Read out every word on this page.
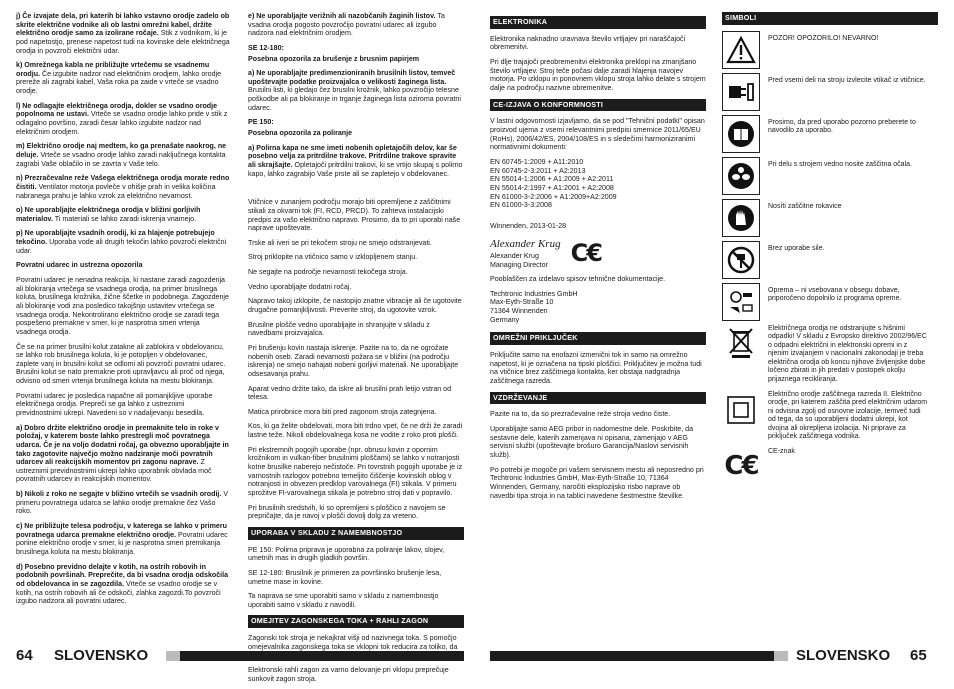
j) Če izvajate dela, pri katerih bi lahko vstavno orodje zadelo ob skrite električne vodnike ali ob lastni omrežni kabel, držite električno orodje samo za izolirane ročaje. Stik z vodnikom, ki je pod napetostjo, prenese napetost tudi na kovinske dele električnega orodja in povzroči električni udar.

k) Omrežnega kabla ne približujte vrtečemu se vsadnemu orodju. Če izgubite nadzor nad električnim orodjem, lahko orodje prereže ali zagrabi kabel, Vaša roka pa zaide v vrteče se vsadno orodje.

l) Ne odlagajte električnega orodja, dokler se vsadno orodje popolnoma ne ustavi. Vrteče se vsadno orodje lahko pride v stik z odlagalno površino, zaradi česar lahko izgubite nadzor nad električnim orodjem.

m) Električno orodje naj medtem, ko ga prenašate naokrog, ne deluje. Vrteče se vsadno orodje lahko zaradi naključnega kontakta zagrabi Vaše oblačilo in se zavrta v Vaše telo.

n) Prezračevalne reže Vašega električnega orodja morate redno čistiti. Ventilator motorja povleče v ohišje prah in velika količina nabranega prahu je lahko vzrok za električno nevarnost.

o) Ne uporabljajte električnega orodja v bližini gorljivih materialov. Ti materiali se lahko zaradi iskrenja vnamejo.

p) Ne uporabljajte vsadnih orodij, ki za hlajenje potrebujejo tekočino. Uporaba vode ali drugih tekočin lahko povzroči električni udar.

Povratni udarec in ustrezna opozorila

Povratni udarec je nenadna reakcija, ki nastane zaradi zagozdenja ali blokiranja vrtečega se vsadnega orodja, na primer brusilnega koluta, brusilnega krožnika, žične ščetke in podobnega. Zagozdenje ali blokiranje vodi zna posledico takojšnjo ustavitev vrtečega se vsadnega orodja. Nekontrolirano električno orodje se zaradi tega pospešeno premakne v smer, ki je nasprotna smeri vrtenja vsadnega orodja.

Če se na primer brusilni kolut zatakne ali zablokira v obdelovancu, se lahko rob brusilnega koluta, ki je potopljen v obdelovanec, zaplete vanj in brusilni kolut se odlomi ali povzroči povratni udarec. Brusilni kolut se nato premakne proti upravljavcu ali proč od njega, odvisno od smeri vrtenja brusilnega koluta na mestu blokiranja.

Povratni udarec je posledica napačne ali pomanjkljive uporabe električnega orodja. Prepreči se ga lahko z ustreznimi previdnostnimi ukrepi. Navedeni so v nadaljevanju besedila.

a) Dobro držite električno orodje in premaknite telo in roke v položaj, v katerem boste lahko prestregli moč povratnega udarca. Če je na voljo dodatni ročaj, ga obvezno uporabljajte in tako zagotovite največjo možno nadziranje moči povratnih udarcev ali reakcijskih momentov pri zagonu naprave. Z ustreznimi previdnostnimi ukrepi lahko uporabnik obvlada moč povratnih udarcev in reakcijskih momentov.

b) Nikoli z roko ne segajte v bližino vrtečih se vsadnih orodij. V primeru povratnega udarca se lahko orodje premakne čez Vašo roko.

c) Ne približujte telesa področju, v katerega se lahko v primeru povratnega udarca premakne električno orodje. Povratni udarec poriine električno orodje v smer, ki je nasprotna smeri premikanja brusilnega koluta na mestu blokiranja.

d) Posebno previdno delajte v kotih, na ostrih robovih in podobnih površinah. Preprečite, da bi vsadna orodja odskočila od obdelovanca in se zagozdila. Vrteče se vsadno orodje se v kotih, na ostrih robovih ali če odskoči, zlahka zagozdi.To povzroči izgubo nadzora ali povratni udarec.

e) Ne uporabljajte verižnih ali nazobčanih žaginih listov. Ta vsadna orodja pogosto povzročijo povratni udarec ali izgubo nadzora nad električnim orodjem.

SE 12-180:
Posebna opozorila za brušenje z brusnim papirjem

a) Ne uporabljajte predimenzioniranih brusilnih listov, temveč upoštevajte podatke proizvajalca o velikosti žaginega lista. Brusilni listi, ki gledajo čez brusilni krožnik, lahko povzročijo telesne poškodbe ali pa blokiranje in trganje žaginega lista oziroma povratni udarec.

PE 150:
Posebna opozorila za poliranje

a) Polirna kapa ne sme imeti nobenih opletajočih delov, kar še posebno velja za pritrdilne trakove. Pritrdilne trakove spravite ali skrajšajte. Opletajoči pritrdilni trakovi, ki se vrtijo skupaj s polirno kapo, lahko zagrabijo Vaše prste ali se zapletejo v obdelovanec.

Vtičnice v zunanjem področju morajo biti opremljene z zaščitnimi stikali za okvarni tok (FI, RCD, PRCD). To zahteva instalacijski predpis za vašo električno napravo. Prosimo, da to pri uporabi naše naprave upoštevate.

Trske ali iveri se pri tekočem stroju ne smejo odstranjevati.

Stroj priklopite na vtičnico samo v izklopljenem stanju.

Ne segajte na področje nevarnosti tekočega stroja.

Vedno uporabljajte dodatni ročaj.

Napravo takoj izklopite, če nastopijo znatne vibracije ali če ugotovite drugačne pomanjkljivosti. Preverite stroj, da ugotovite vzrok.

Brusilne plošče vedno uporabljajte in shranjujte v skladu z navedbami proizvajalca.

Pri brušenju kovin nastaja iskrenje. Pazite na to, da ne ogrožate nobenih oseb. Zaradi nevarnosti požara se v bližini (na področju iskrenja) ne smejo nahajati nobeni gorljivi materiali. Ne uporabljajte odsesavanja prahu.

Aparat vedno držite tako, da iskre ali brusilni prah letijo vstran od telesa.

Matica prirobnice mora biti pred zagonom stroja zategnjena.

Kos, ki ga želite obdelovati, mora biti trdno vpet, če ne drži že zaradi lastne teže. Nikoli obdelovalnega kosa ne vodite z roko proti plošči.

Pri ekstremnih pogojih uporabe (npr. obrusu kovin z opornim krožnikom in vulkan-fiber brusilnimi ploščami) se lahko v notranjosti kotne brusilke naberejo nečistoče. Pri tovrstnih pogojih uporabe je iz varnostnih razlogov potrebno temeljito čiščenje kovinskih oblog v notranjosti in obvezen predklop varovalnega (FI) stikala. V primeru sprožitve FI-varovalnega stikala je potrebno stroj dati v popravilo.

Pri brusilnih sredstvih, ki so opremljeni s ploščico z navojem se prepričajte, da je navoj v plošči dovolj dolg za vreteno.

UPORABA V SKLADU Z NAMEMBNOSTJO

PE 150: Polirna pripravа je uporabna za poliranje lakov, slojev, umetnih mas in drugih gladkih površin.

SE 12-180: Brusilnik je primeren za površinsko brušenje lesa, umetne mase in kovine.

Ta naprava se sme uporabiti samo v skladu z namembnostjo uporabiti samo v skladu z navodili.

OMEJITEV ZAGONSKEGA TOKA + RAHLI ZAGON

Zagonski tok stroja je nekajkrat višji od nazivnega toka. S pomočjo omejevalnika zagonskega toka se vklopni tok reducira za toliko, da

Elektronski rahli zagon za varno delovanje pri vklopu preprečuje sunkovit zagon stroja.

ELEKTRONIKA

Elektronika naknadno uravnava število vrtljajev pri naraščajoči obremenitvi.

Pri dlje trajajoči preobremenitvi elektronika preklopi na zmanjšano število vrtljajev. Stroj teče počasi dalje zaradi hlajenja navojev motorja. Po izklopu in ponovnem vklopu stroja lahko delate s strojem dalje na področju nazivne obremenitve.

CE-IZJAVA O KONFORMNOSTI

V lastni odgovornosti izjavljamo, da se pod "Tehnični podatki" opisan proizvod ujema z vsemi relevantnimi predpisi smernice 2011/65/EU (RoHs), 2006/42/ES, 2004/108/ES in s sledečimi harmoniziranimi normativnimi dokumenti:

EN 60745-1:2009 + A11:2010
EN 60745-2-3:2011 + A2:2013
EN 55014-1:2006 + A1:2009 + A2:2011
EN 55014-2:1997 + A1:2001 + A2:2008
EN 61000-3-2:2006 + A1:2009+A2:2009
EN 61000-3-3:2008

Winnenden, 2013-01-28

Alexander Krug
Alexander Krug
Managing Director C€

Pooblaščen za izdelavo spisov tehnične dokumentacije.

Techtronic Industries GmbH
Max-Eyth-Straße 10
71364 Winnenden
Germany
OMREŽNI PRIKLJUČEK

Priključite samo na enofazni izmenični tok in samo na omrežno napetost, ki je označena na tipski ploščici. Priključitev je možna tudi na vtičnice brez zaščitnega kontakta, ker obstaja nadgradnja zaščitnega razreda.

VZDRŽEVANJE

Pazite na to, da so prezračevalne reže stroja vedno čiste.

Uporabljajte samo AEG pribor in nadomestne dele. Poskrbite, da sestavne dele, katerih zamenjava ni opisana, zamenjajo v AEG servisni službi (upoštevajte brošuro Garancija/Naslovi servisnih služb).

Po potrebi je mogoče pri vašem servisnem mestu ali neposredno pri Techtronic Industries GmbH, Max-Eyth-Straße 10, 71364 Winnenden, Germany, naročiti eksplozijsko risbo naprave ob navedbi tipa stroja in na tablici navedene šestmestne številke.

SIMBOLI
POZOR! OPOZORILO! NEVARNO!
Pred vsemi deli na stroju izvlecite vtikač iz vtičnice.
Prosimo, da pred uporabo pozorno preberete to navodilo za uporabo.
Pri delu s strojem vedno nosite zaščitna očala.
Nosíti zaščitne rokavice
Brez uporabe sile.
Oprema – ni vsebovana v obsegu dobave, priporočeno dopolnilo iz programa opreme.
Električnega orodja ne odstranjujte s hišnimi odpadki! V skladu z Evropsko direktivo 2002/96/EC o odpadni električni in elektronski opremi in z njenim izvajanjem v nacionalni zakonodaji je treba električna orodja ob koncu njihove življenjske dobe ločeno zbirati in jih predati v postopek okolju prijaznega recikliranja.
Električno orodje zaščitnega razreda II. Električno orodje, pri katerem zaščita pred električnim udarom ni odvisna zgolj od osnovne izolacije, temveč tudi od tega, da so uporabljeni dodatni ukrepi, kot dvojna ali okrepljena izolacija. Ni priprave za priključek zaščitnega vodnika.
C€	CE-znak
64 SLOVENSKO	SLOVENSKO 65
